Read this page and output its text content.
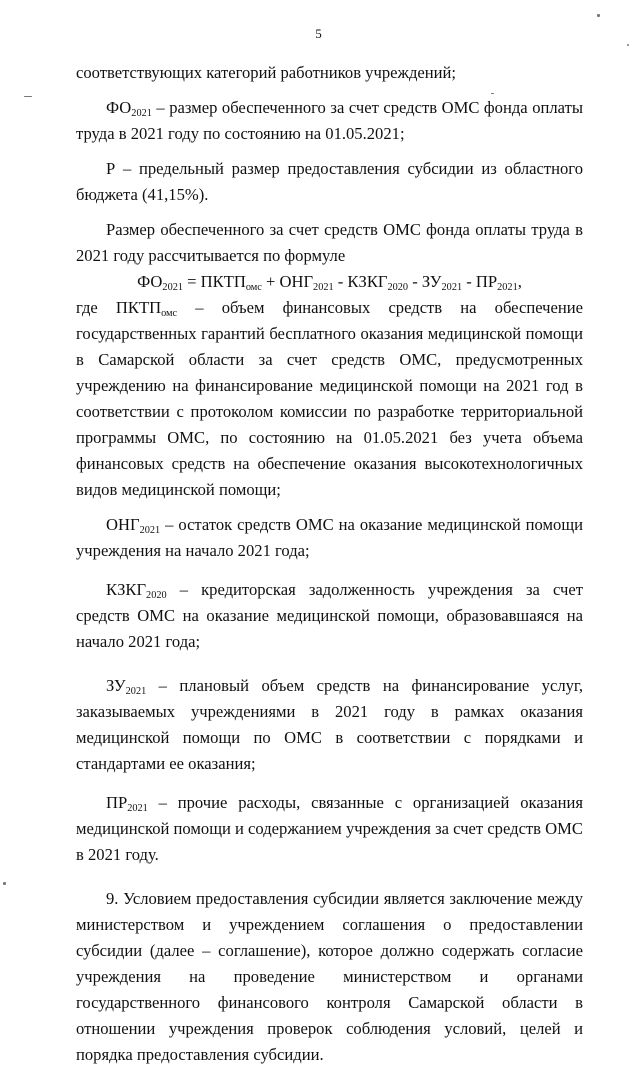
5

соответствующих категорий работников учреждений;

$ФО_{2021}$ – размер обеспеченного за счет средств ОМС фонда оплаты труда в 2021 году по состоянию на 01.05.2021;

Р – предельный размер предоставления субсидии из областного бюджета (41,15%).

Размер обеспеченного за счет средств ОМС фонда оплаты труда в 2021 году рассчитывается по формуле

$ФО_{2021}$ = $ПКТП_{омс} + ОНГ_{2021}$ - $КЗКГ_{2020} - ЗУ_{2021} - ПР_{2021}$,

где $ПКТП_{омс}$ – объем финансовых средств на обеспечение государственных гарантий бесплатного оказания медицинской помощи в Самарской области за счет средств ОМС, предусмотренных учреждению на финансирование медицинской помощи на 2021 год в соответствии с протоколом комиссии по разработке территориальной программы ОМС, по состоянию на 01.05.2021 без учета объема финансовых средств на обеспечение оказания высокотехнологичных видов медицинской помощи;

$ОНГ_{2021}$ – остаток средств ОМС на оказание медицинской помощи учреждения на начало 2021 года;

$КЗКГ_{2020}$ – кредиторская задолженность учреждения за счет средств ОМС на оказание медицинской помощи, образовавшаяся на начало 2021 года;

$ЗУ_{2021}$ – плановый объем средств на финансирование услуг, заказываемых учреждениями в 2021 году в рамках оказания медицинской помощи по ОМС в соответствии с порядками и стандартами ее оказания;

$ПР_{2021}$ – прочие расходы, связанные с организацией оказания медицинской помощи и содержанием учреждения за счет средств ОМС в 2021 году.

9. Условием предоставления субсидии является заключение между министерством и учреждением соглашения о предоставлении субсидии (далее – соглашение), которое должно содержать согласие учреждения на проведение министерством и органами государственного финансового контроля Самарской области в отношении учреждения проверок соблюдения условий, целей и порядка предоставления субсидии.
